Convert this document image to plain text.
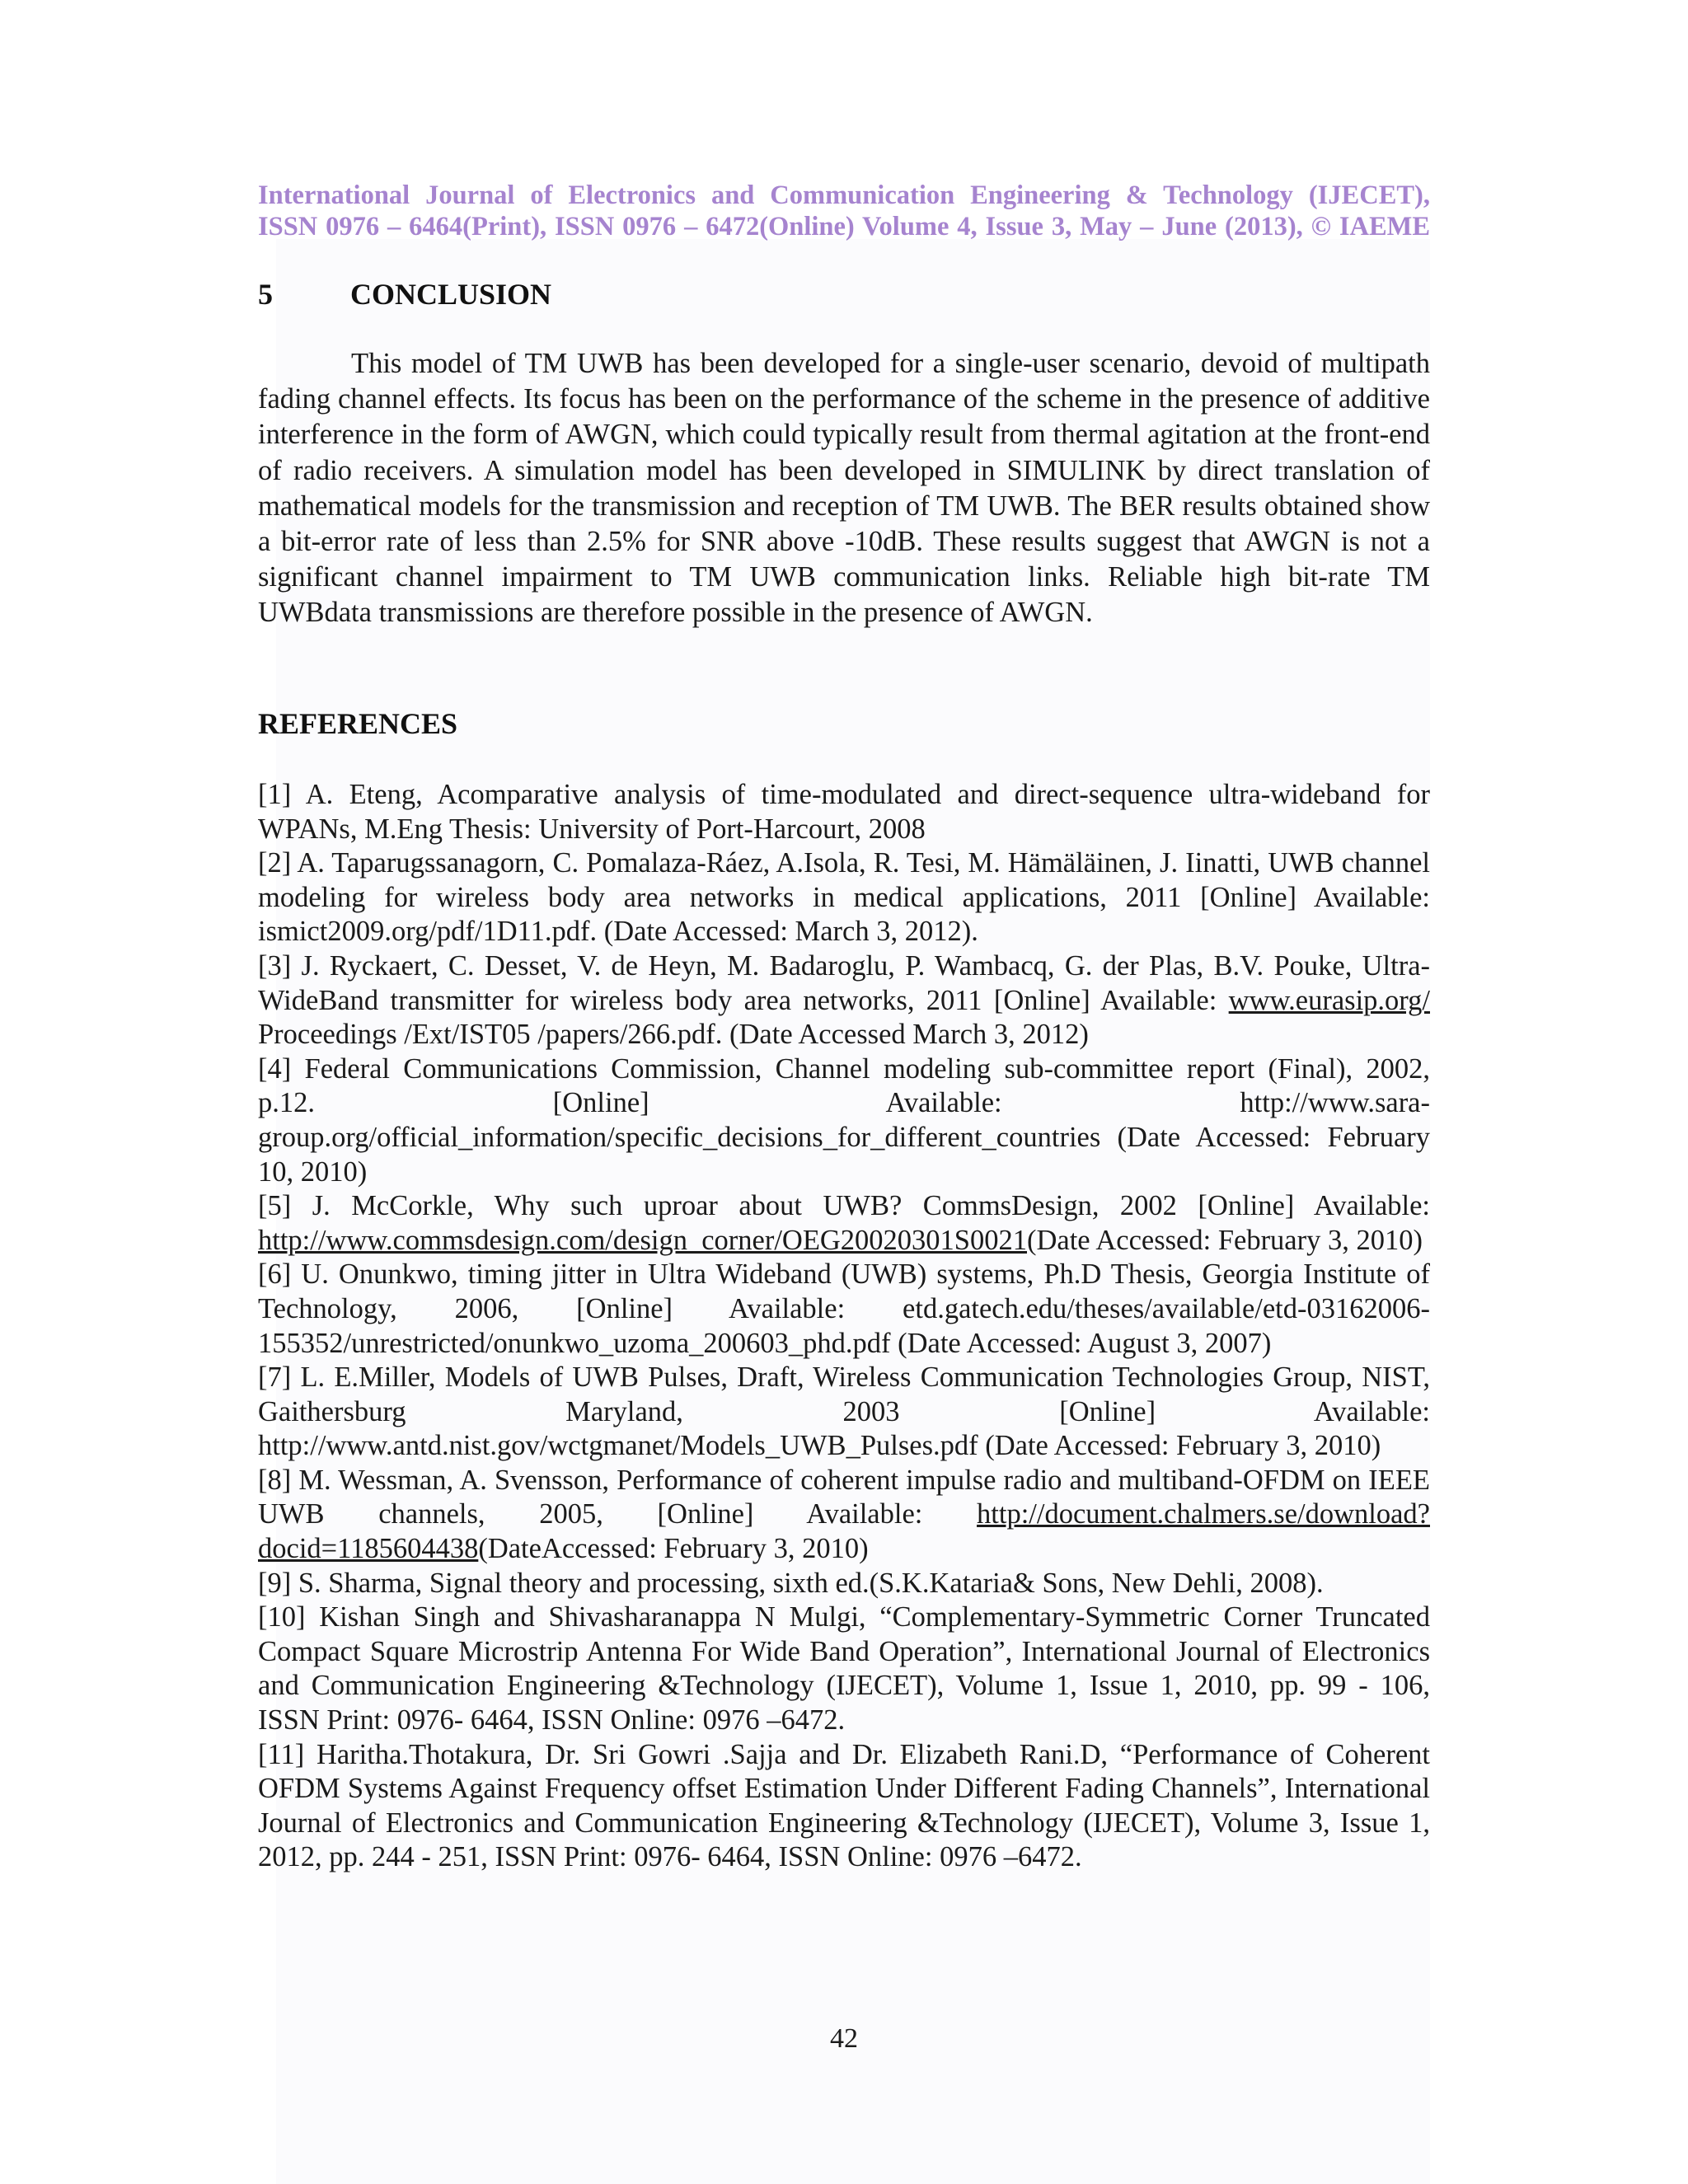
International Journal of Electronics and Communication Engineering & Technology (IJECET),
ISSN 0976 – 6464(Print), ISSN 0976 – 6472(Online) Volume 4, Issue 3, May – June (2013), © IAEME
5	CONCLUSION

This model of TM UWB has been developed for a single-user scenario, devoid of multipath fading channel effects. Its focus has been on the performance of the scheme in the presence of additive interference in the form of AWGN, which could typically result from thermal agitation at the front-end of radio receivers. A simulation model has been developed in SIMULINK by direct translation of mathematical models for the transmission and reception of TM UWB. The BER results obtained show a bit-error rate of less than 2.5% for SNR above -10dB. These results suggest that AWGN is not a significant channel impairment to TM UWB communication links. Reliable high bit-rate TM UWBdata transmissions are therefore possible in the presence of AWGN.

REFERENCES

[1] A. Eteng, Acomparative analysis of time-modulated and direct-sequence ultra-wideband for WPANs, M.Eng Thesis: University of Port-Harcourt, 2008

[2] A. Taparugssanagorn, C. Pomalaza-Ráez, A.Isola, R. Tesi, M. Hämäläinen, J. Iinatti, UWB channel modeling for wireless body area networks in medical applications, 2011 [Online] Available: ismict2009.org/pdf/1D11.pdf. (Date Accessed: March 3, 2012).

[3] J. Ryckaert, C. Desset, V. de Heyn, M. Badaroglu, P. Wambacq, G. der Plas, B.V. Pouke, Ultra-WideBand transmitter for wireless body area networks, 2011 [Online] Available: www.eurasip.org/ Proceedings /Ext/IST05 /papers/266.pdf. (Date Accessed March 3, 2012)

[4] Federal Communications Commission, Channel modeling sub-committee report (Final), 2002, p.12. [Online] Available: http://www.sara-group.org/official_information/specific_decisions_for_different_countries (Date Accessed: February 10, 2010)

[5] J. McCorkle, Why such uproar about UWB? CommsDesign, 2002 [Online] Available: http://www.commsdesign.com/design_corner/OEG20020301S0021(Date Accessed: February 3, 2010)

[6] U. Onunkwo, timing jitter in Ultra Wideband (UWB) systems, Ph.D Thesis, Georgia Institute of Technology, 2006, [Online] Available: etd.gatech.edu/theses/available/etd-03162006-155352/unrestricted/onunkwo_uzoma_200603_phd.pdf (Date Accessed: August 3, 2007)

[7] L. E.Miller, Models of UWB Pulses, Draft, Wireless Communication Technologies Group, NIST, Gaithersburg Maryland, 2003 [Online] Available: http://www.antd.nist.gov/wctgmanet/Models_UWB_Pulses.pdf (Date Accessed: February 3, 2010)

[8] M. Wessman, A. Svensson, Performance of coherent impulse radio and multiband-OFDM on IEEE UWB channels, 2005, [Online] Available: http://document.chalmers.se/download?docid=1185604438(DateAccessed: February 3, 2010)

[9] S. Sharma, Signal theory and processing, sixth ed.(S.K.Kataria& Sons, New Dehli, 2008).

[10] Kishan Singh and Shivasharanappa N Mulgi, “Complementary-Symmetric Corner Truncated Compact Square Microstrip Antenna For Wide Band Operation”, International Journal of Electronics and Communication Engineering &Technology (IJECET), Volume 1, Issue 1, 2010, pp. 99 - 106, ISSN Print: 0976- 6464, ISSN Online: 0976 –6472.

[11] Haritha.Thotakura, Dr. Sri Gowri .Sajja and Dr. Elizabeth Rani.D, “Performance of Coherent OFDM Systems Against Frequency offset Estimation Under Different Fading Channels”, International Journal of Electronics and Communication Engineering &Technology (IJECET), Volume 3, Issue 1, 2012, pp. 244 - 251, ISSN Print: 0976- 6464, ISSN Online: 0976 –6472.

42
